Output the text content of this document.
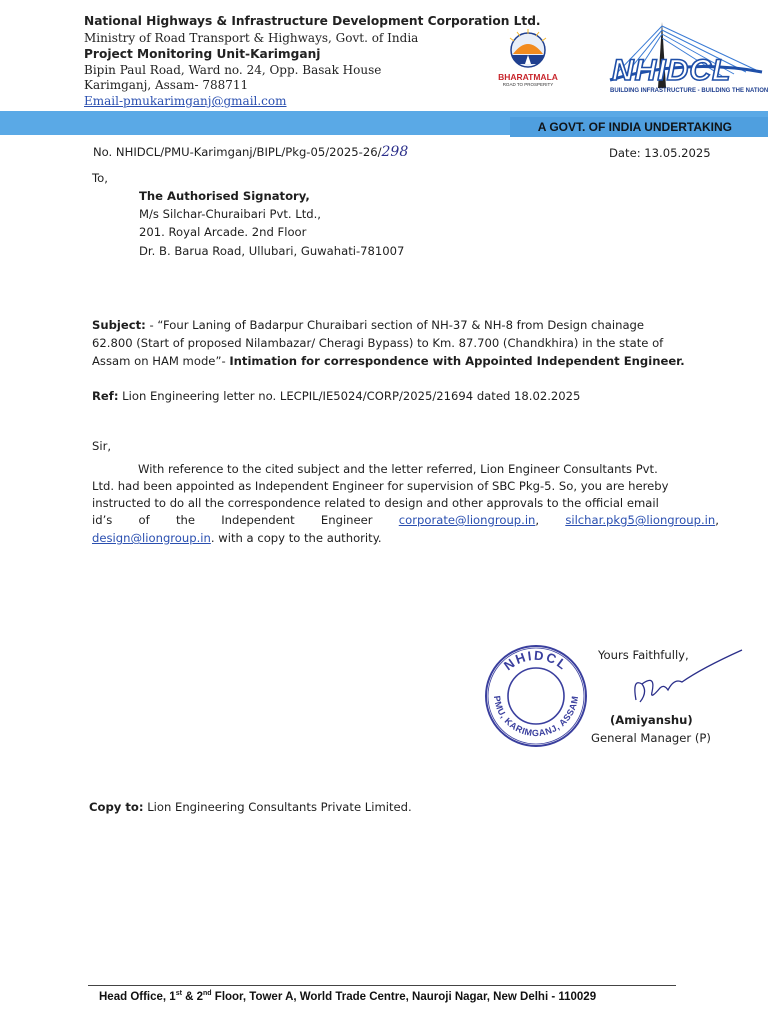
National Highways & Infrastructure Development Corporation Ltd.
Ministry of Road Transport & Highways, Govt. of India
Project Monitoring Unit-Karimganj
Bipin Paul Road, Ward no. 24, Opp. Basak House
Karimganj, Assam- 788711
Email-pmukarimganj@gmail.com
BHARATMALA
ROAD TO PROSPERITY	NHIDCL
BUILDING INFRASTRUCTURE - BUILDING THE NATION
A GOVT. OF INDIA UNDERTAKING
No. NHIDCL/PMU-Karimganj/BIPL/Pkg-05/2025-26/298	Date: 13.05.2025
To,
The Authorised Signatory,
M/s Silchar-Churaibari Pvt. Ltd.,
201. Royal Arcade. 2nd Floor
Dr. B. Barua Road, Ullubari, Guwahati-781007
Subject: - “Four Laning of Badarpur Churaibari section of NH-37 & NH-8 from Design chainage
62.800 (Start of proposed Nilambazar/ Cheragi Bypass) to Km. 87.700 (Chandkhira) in the state of
Assam on HAM mode”- Intimation for correspondence with Appointed Independent Engineer.
Ref: Lion Engineering letter no. LECPIL/IE5024/CORP/2025/21694 dated 18.02.2025
Sir,
With reference to the cited subject and the letter referred, Lion Engineer Consultants Pvt.
Ltd. had been appointed as Independent Engineer for supervision of SBC Pkg-5. So, you are hereby
instructed to do all the correspondence related to design and other approvals to the official email
id’s of the Independent Engineer corporate@liongroup.in, silchar.pkg5@liongroup.in,
design@liongroup.in. with a copy to the authority.
Yours Faithfully,
(Amiyanshu)
General Manager (P)
NHIDCL
PMU, KARIMGANJ, ASSAM
Copy to: Lion Engineering Consultants Private Limited.
Head Office, 1st & 2nd Floor, Tower A, World Trade Centre, Nauroji Nagar, New Delhi - 110029
